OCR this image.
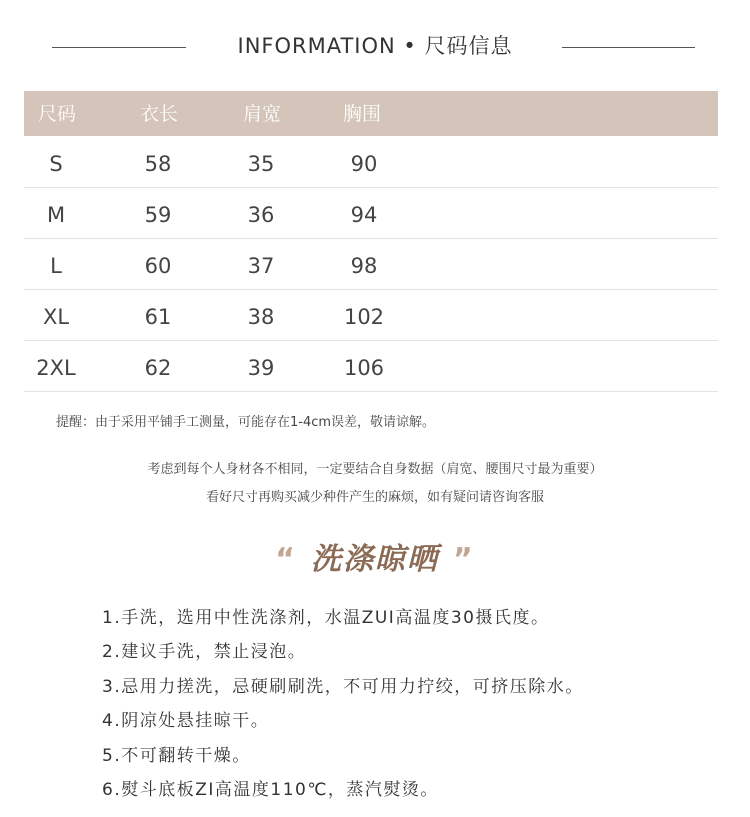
INFORMATION • 尺码信息
尺码	衣长	肩宽	胸围
S	58	35	90
M	59	36	94
L	60	37	98
XL	61	38	102
2XL	62	39	106
提醒：由于采用平铺手工测量，可能存在1-4cm误差，敬请谅解。
考虑到每个人身材各不相同，一定要结合自身数据（肩宽、腰围尺寸最为重要）
看好尺寸再购买减少种件产生的麻烦，如有疑问请咨询客服
“ 洗涤晾晒 ”
1.手洗，选用中性洗涤剂，水温ZUI高温度30摄氏度。
2.建议手洗，禁止浸泡。
3.忌用力搓洗，忌硬刷刷洗，不可用力拧绞，可挤压除水。
4.阴凉处悬挂晾干。
5.不可翻转干燥。
6.熨斗底板ZI高温度110℃，蒸汽熨烫。
